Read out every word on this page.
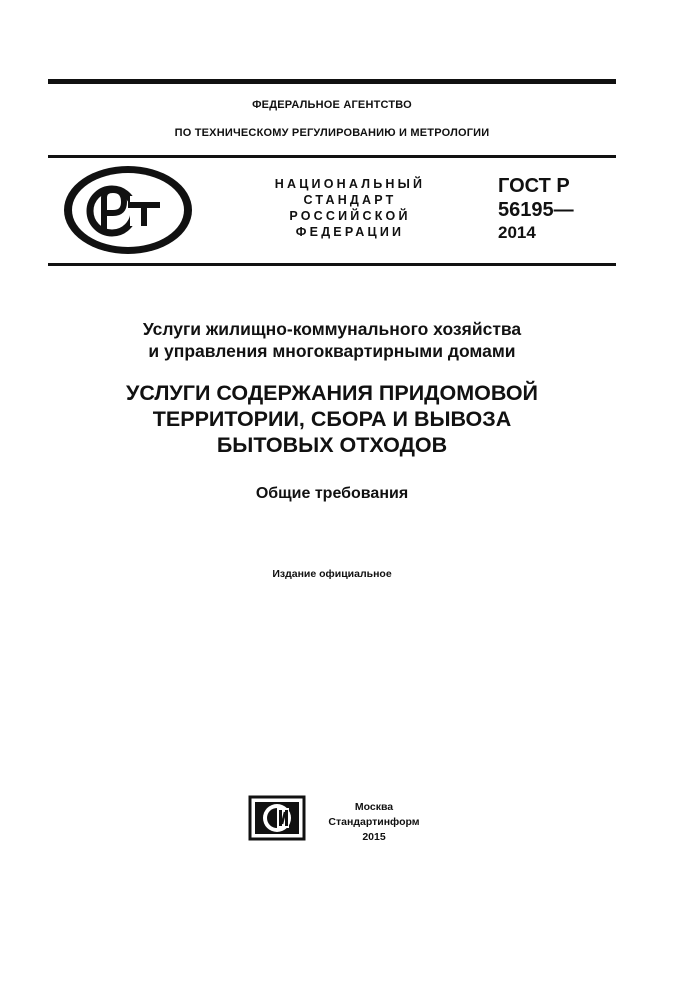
ФЕДЕРАЛЬНОЕ АГЕНТСТВО
ПО ТЕХНИЧЕСКОМУ РЕГУЛИРОВАНИЮ И МЕТРОЛОГИИ
НАЦИОНАЛЬНЫЙ
СТАНДАРТ
РОССИЙСКОЙ
ФЕДЕРАЦИИ
ГОСТ Р
56195—
2014
Услуги жилищно-коммунального хозяйства
и управления многоквартирными домами
УСЛУГИ СОДЕРЖАНИЯ ПРИДОМОВОЙ
ТЕРРИТОРИИ, СБОРА И ВЫВОЗА
БЫТОВЫХ ОТХОДОВ
Общие требования
Издание официальное
Москва
Стандартинформ
2015
